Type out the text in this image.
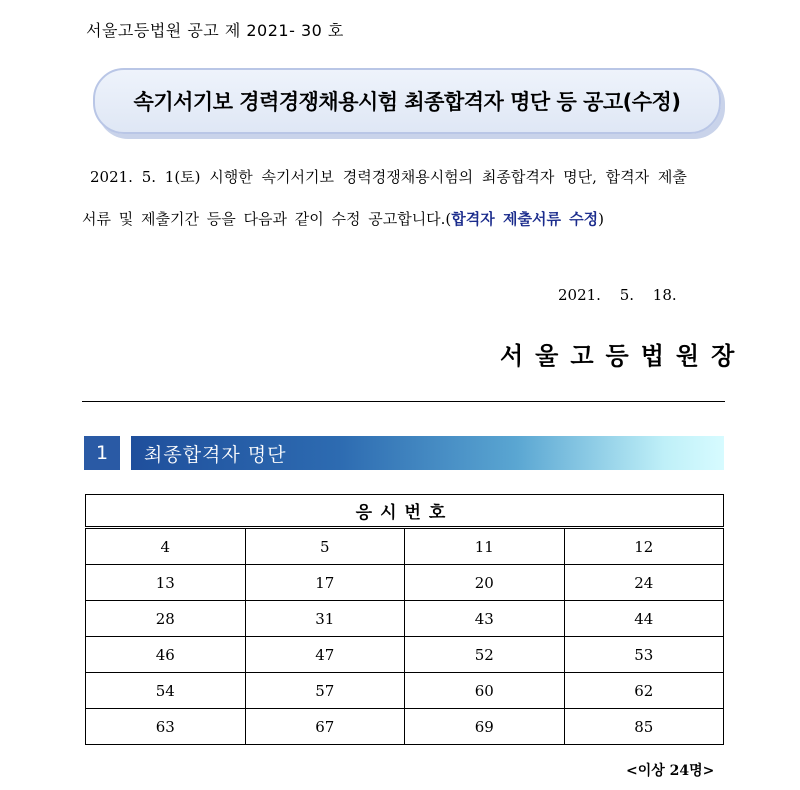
서울고등법원 공고 제 2021- 30 호
속기서기보 경력경쟁채용시험 최종합격자 명단 등 공고(수정)
2021. 5. 1(토) 시행한 속기서기보 경력경쟁채용시험의 최종합격자 명단, 합격자 제출
서류 및 제출기간 등을 다음과 같이 수정 공고합니다.(합격자 제출서류 수정)
2021. 5. 18.
서울고등법원장
1	최종합격자 명단
응시번호			
4	5	11	12
13	17	20	24
28	31	43	44
46	47	52	53
54	57	60	62
63	67	69	85
<이상 24명>
